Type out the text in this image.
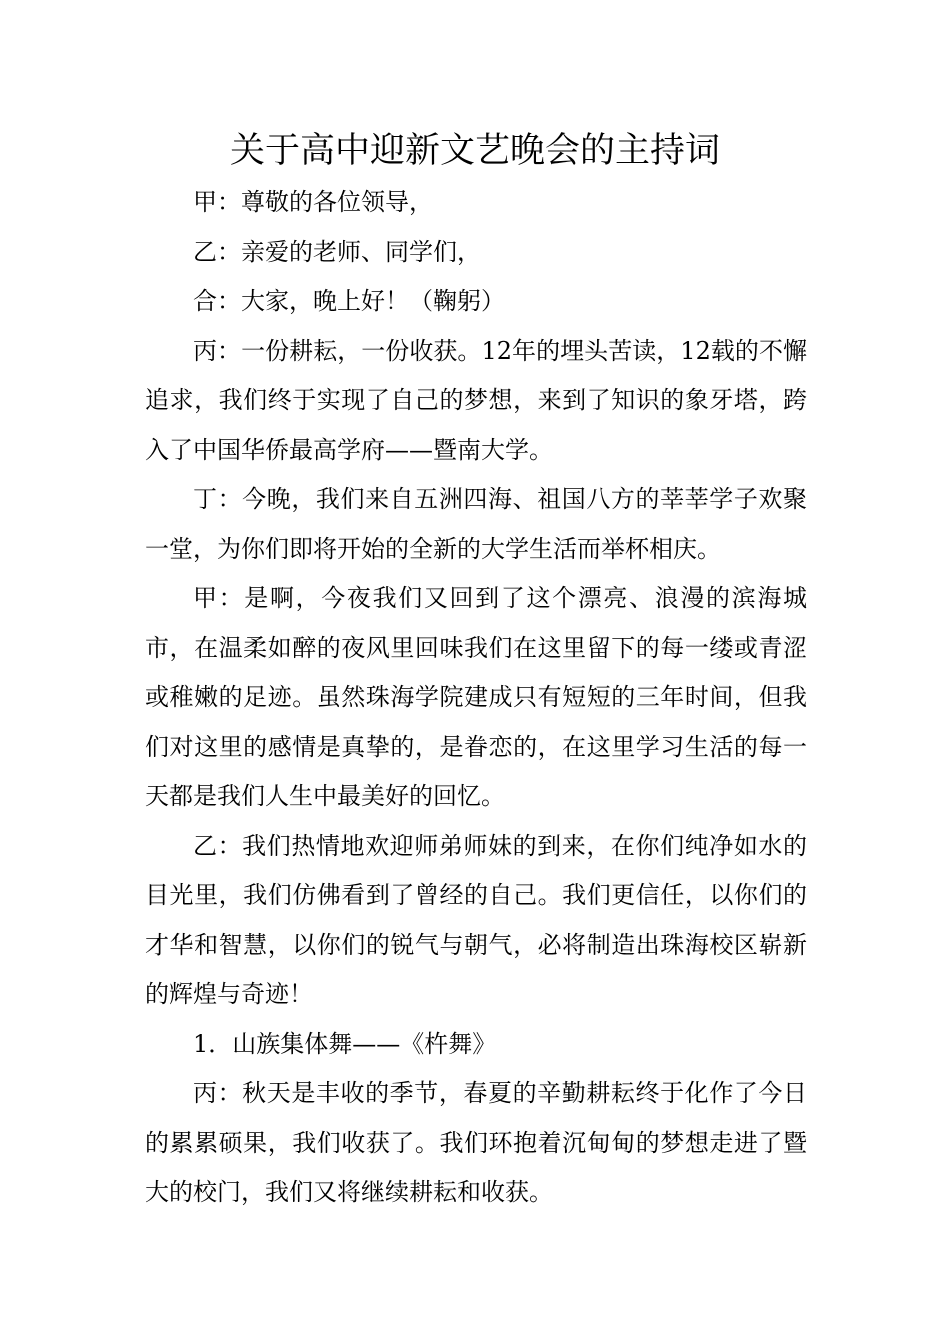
关于高中迎新文艺晚会的主持词

甲：尊敬的各位领导，

乙：亲爱的老师、同学们，

合：大家，晚上好！（鞠躬）

丙：一份耕耘，一份收获。12年的埋头苦读，12载的不懈追求，我们终于实现了自己的梦想，来到了知识的象牙塔，跨入了中国华侨最高学府——暨南大学。

丁：今晚，我们来自五洲四海、祖国八方的莘莘学子欢聚一堂，为你们即将开始的全新的大学生活而举杯相庆。

甲：是啊，今夜我们又回到了这个漂亮、浪漫的滨海城市，在温柔如醉的夜风里回味我们在这里留下的每一缕或青涩或稚嫩的足迹。虽然珠海学院建成只有短短的三年时间，但我们对这里的感情是真挚的，是眷恋的，在这里学习生活的每一天都是我们人生中最美好的回忆。

乙：我们热情地欢迎师弟师妹的到来，在你们纯净如水的目光里，我们仿佛看到了曾经的自己。我们更信任，以你们的才华和智慧，以你们的锐气与朝气，必将制造出珠海校区崭新的辉煌与奇迹！

1．山族集体舞——《杵舞》

丙：秋天是丰收的季节，春夏的辛勤耕耘终于化作了今日的累累硕果，我们收获了。我们环抱着沉甸甸的梦想走进了暨大的校门，我们又将继续耕耘和收获。
